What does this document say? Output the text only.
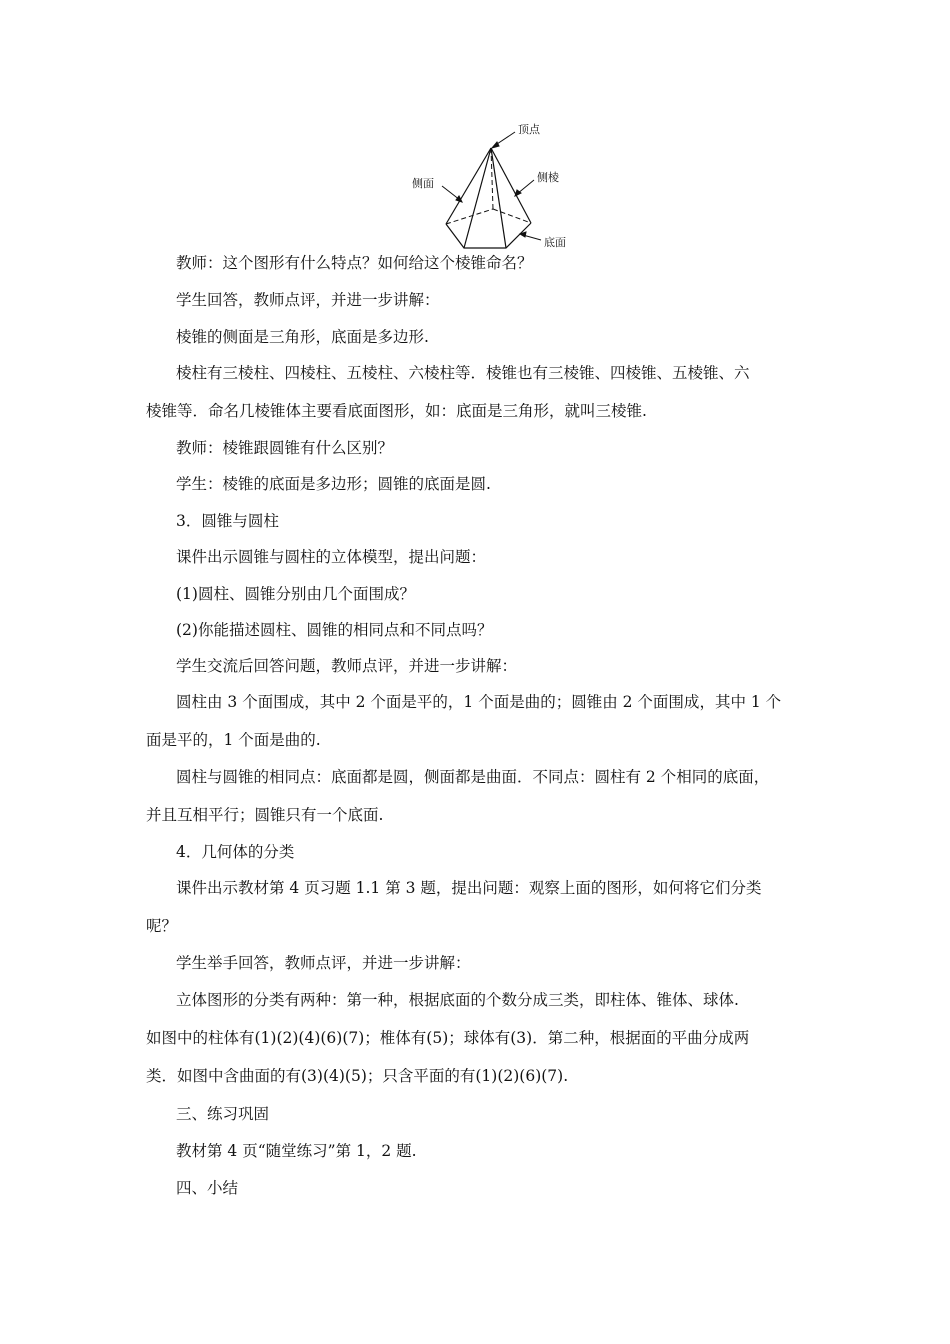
顶点
侧面	侧棱
底面

教师：这个图形有什么特点？如何给这个棱锥命名？

学生回答，教师点评，并进一步讲解：

棱锥的侧面是三角形，底面是多边形.

棱柱有三棱柱、四棱柱、五棱柱、六棱柱等．棱锥也有三棱锥、四棱锥、五棱锥、六

棱锥等．命名几棱锥体主要看底面图形，如：底面是三角形，就叫三棱锥.

教师：棱锥跟圆锥有什么区别？

学生：棱锥的底面是多边形；圆锥的底面是圆.

3．圆锥与圆柱

课件出示圆锥与圆柱的立体模型，提出问题：

(1)圆柱、圆锥分别由几个面围成？

(2)你能描述圆柱、圆锥的相同点和不同点吗？

学生交流后回答问题，教师点评，并进一步讲解：

圆柱由 3 个面围成，其中 2 个面是平的，1 个面是曲的；圆锥由 2 个面围成，其中 1 个

面是平的，1 个面是曲的.

圆柱与圆锥的相同点：底面都是圆，侧面都是曲面．不同点：圆柱有 2 个相同的底面，

并且互相平行；圆锥只有一个底面.

4．几何体的分类

课件出示教材第 4 页习题 1.1 第 3 题，提出问题：观察上面的图形，如何将它们分类

呢？

学生举手回答，教师点评，并进一步讲解：

立体图形的分类有两种：第一种，根据底面的个数分成三类，即柱体、锥体、球体.

如图中的柱体有(1)(2)(4)(6)(7)；椎体有(5)；球体有(3)．第二种，根据面的平曲分成两

类．如图中含曲面的有(3)(4)(5)；只含平面的有(1)(2)(6)(7).

三、练习巩固

教材第 4 页“随堂练习”第 1，2 题.

四、小结
